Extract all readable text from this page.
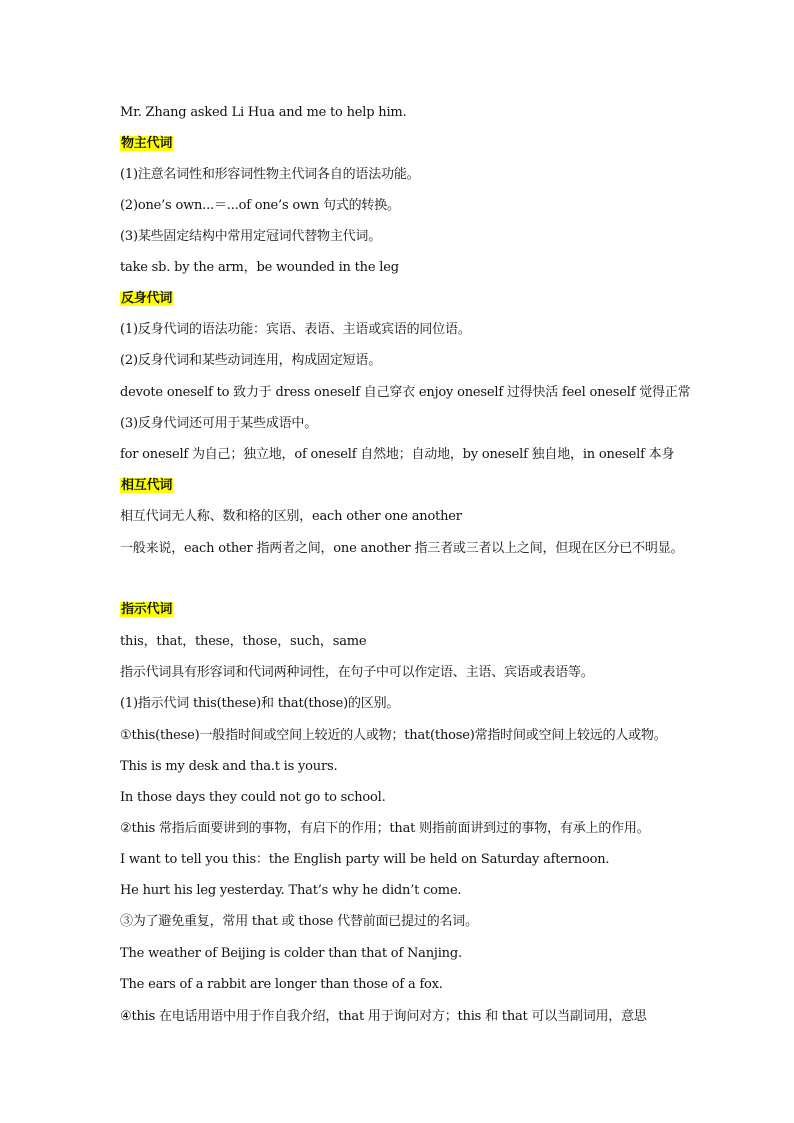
Mr. Zhang asked Li Hua and me to help him.
物主代词
(1)注意名词性和形容词性物主代词各自的语法功能。
(2)one’s own...＝...of one’s own 句式的转换。
(3)某些固定结构中常用定冠词代替物主代词。
take sb. by the arm，be wounded in the leg
反身代词
(1)反身代词的语法功能：宾语、表语、主语或宾语的同位语。
(2)反身代词和某些动词连用，构成固定短语。
devote oneself to 致力于 dress oneself 自己穿衣 enjoy oneself 过得快活 feel oneself 觉得正常
(3)反身代词还可用于某些成语中。
for oneself 为自己；独立地，of oneself 自然地；自动地，by oneself 独自地，in oneself 本身
相互代词
相互代词无人称、数和格的区别，each other one another
一般来说，each other 指两者之间，one another 指三者或三者以上之间，但现在区分已不明显。
指示代词
this，that，these，those，such，same
指示代词具有形容词和代词两种词性，在句子中可以作定语、主语、宾语或表语等。
(1)指示代词 this(these)和 that(those)的区别。
①this(these)一般指时间或空间上较近的人或物；that(those)常指时间或空间上较远的人或物。
This is my desk and tha.t is yours.
In those days they could not go to school.
②this 常指后面要讲到的事物，有启下的作用；that 则指前面讲到过的事物，有承上的作用。
I want to tell you this：the English party will be held on Saturday afternoon.
He hurt his leg yesterday. That’s why he didn’t come.
③为了避免重复，常用 that 或 those 代替前面已提过的名词。
The weather of Beijing is colder than that of Nanjing.
The ears of a rabbit are longer than those of a fox.
④this 在电话用语中用于作自我介绍，that 用于询问对方；this 和 that 可以当副词用，意思
